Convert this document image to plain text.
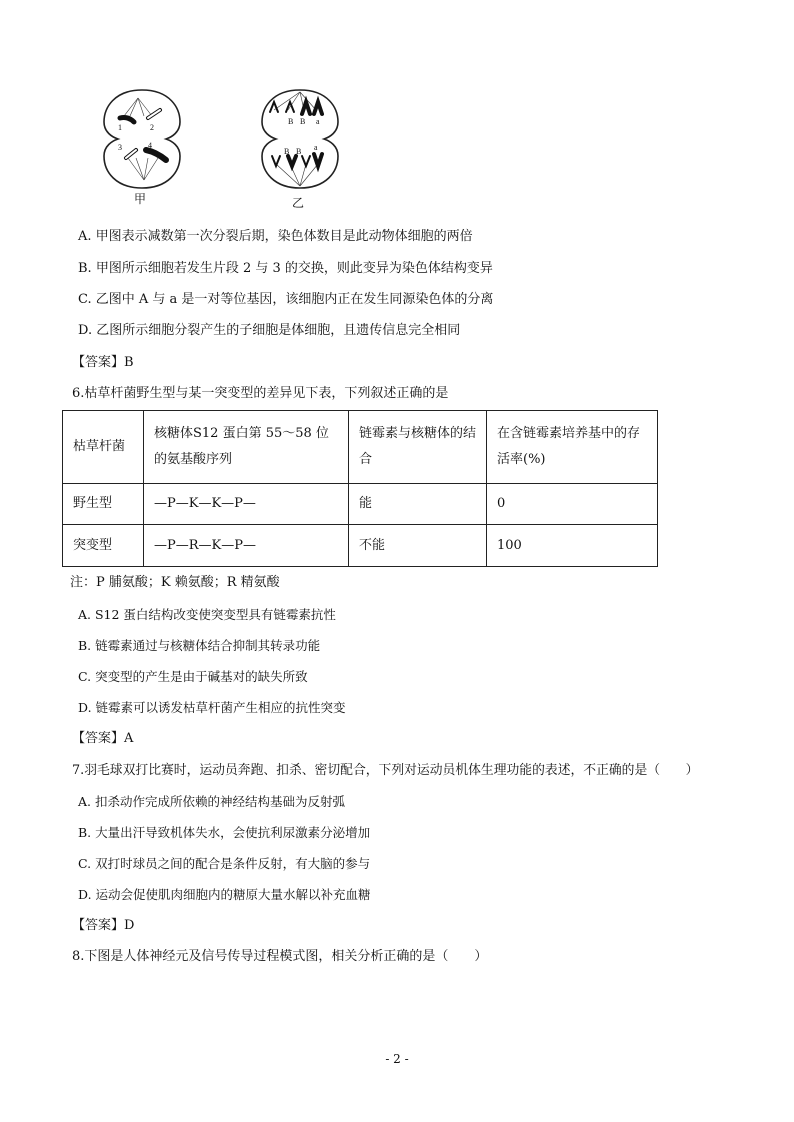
1	2
3	4
甲
B B a
B B a
乙
A. 甲图表示减数第一次分裂后期，染色体数目是此动物体细胞的两倍
B. 甲图所示细胞若发生片段 2 与 3 的交换，则此变异为染色体结构变异
C. 乙图中 A 与 a 是一对等位基因，该细胞内正在发生同源染色体的分离
D. 乙图所示细胞分裂产生的子细胞是体细胞，且遗传信息完全相同
【答案】B
6.枯草杆菌野生型与某一突变型的差异见下表，下列叙述正确的是
枯草杆菌	核糖体S12 蛋白第 55～58 位的氨基酸序列	链霉素与核糖体的结合	在含链霉素培养基中的存活率(%)
野生型	—P—K—K—P—	能	0
突变型	—P—R—K—P—	不能	100
注：P 脯氨酸；K 赖氨酸；R 精氨酸
A. S12 蛋白结构改变使突变型具有链霉素抗性
B. 链霉素通过与核糖体结合抑制其转录功能
C. 突变型的产生是由于碱基对的缺失所致
D. 链霉素可以诱发枯草杆菌产生相应的抗性突变
【答案】A
7.羽毛球双打比赛时，运动员奔跑、扣杀、密切配合，下列对运动员机体生理功能的表述，不正确的是（　　）
A. 扣杀动作完成所依赖的神经结构基础为反射弧
B. 大量出汗导致机体失水，会使抗利尿激素分泌增加
C. 双打时球员之间的配合是条件反射，有大脑的参与
D. 运动会促使肌肉细胞内的糖原大量水解以补充血糖
【答案】D
8.下图是人体神经元及信号传导过程模式图，相关分析正确的是（　　）
- 2 -
